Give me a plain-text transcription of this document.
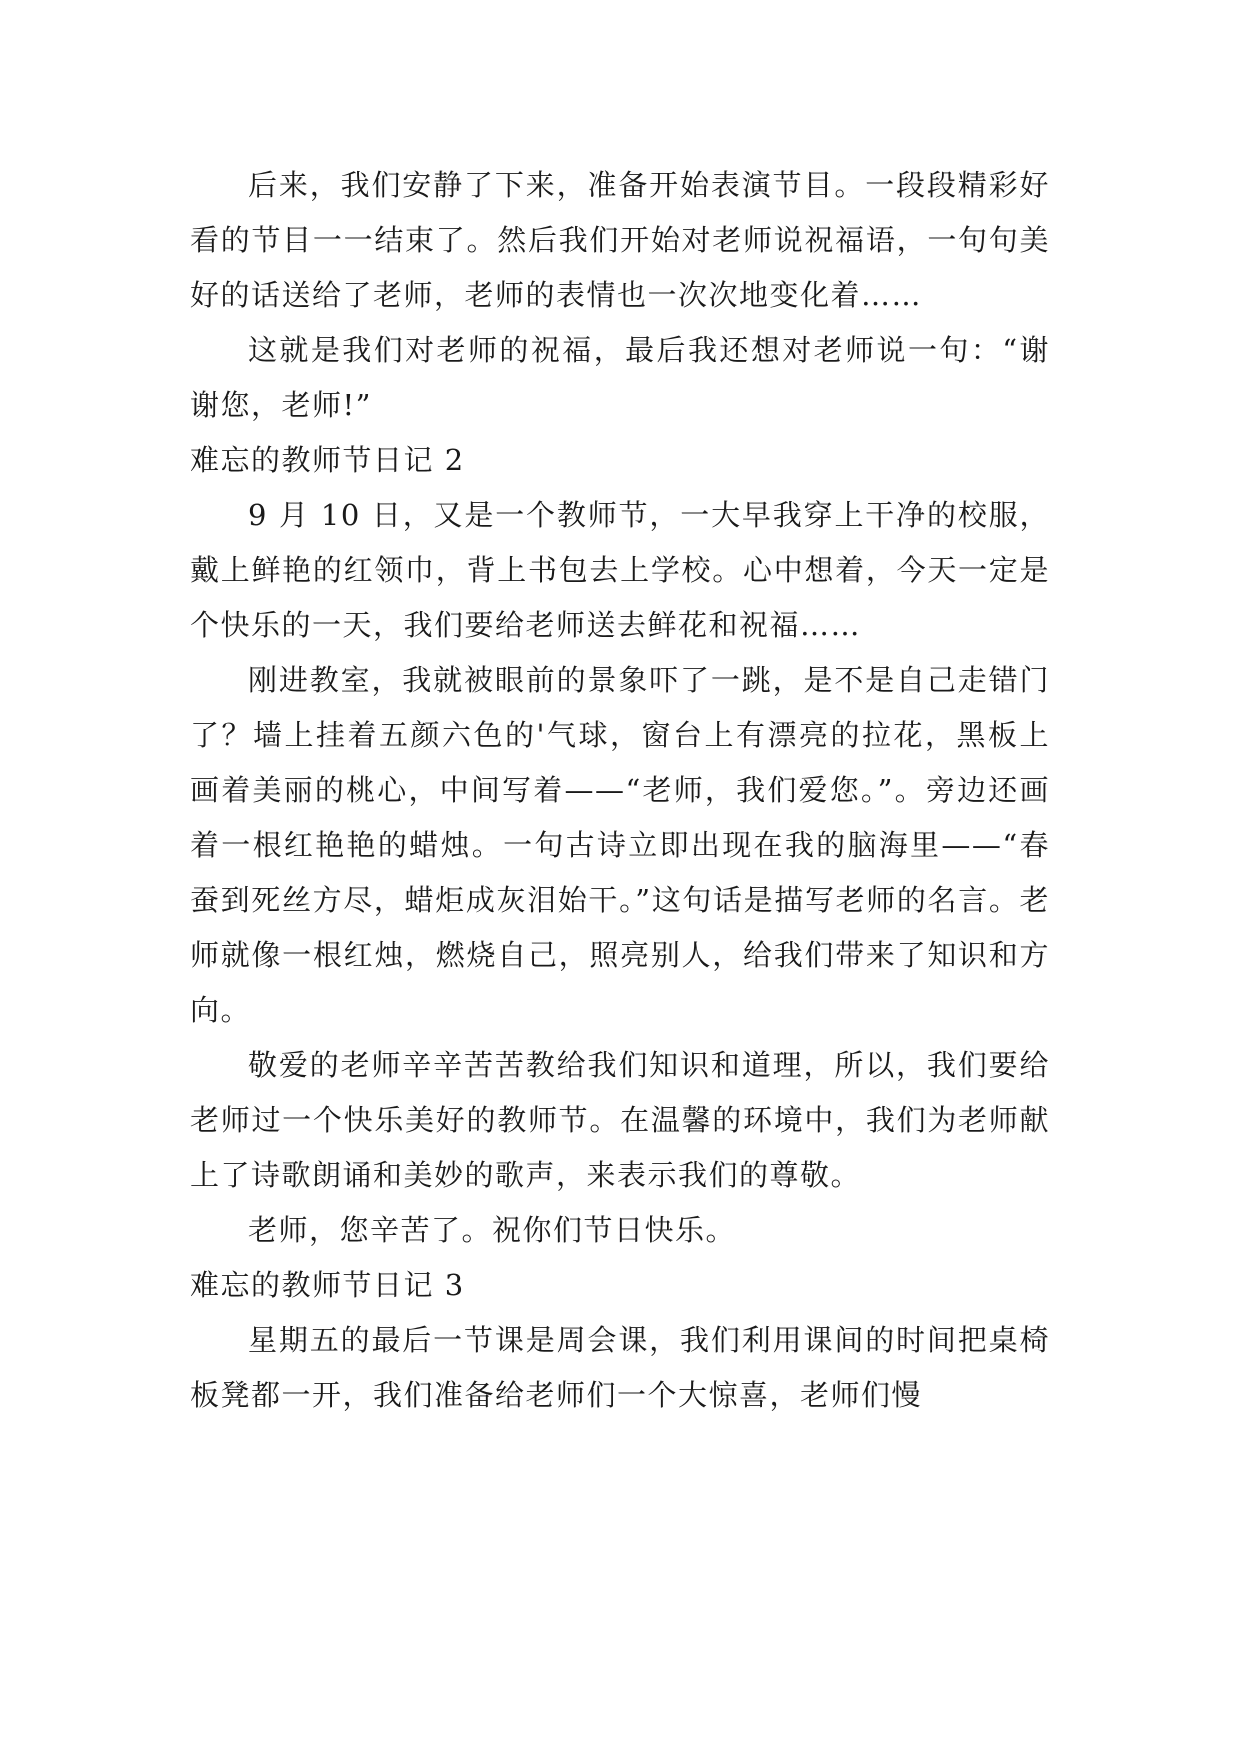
后来，我们安静了下来，准备开始表演节目。一段段精彩好看的节目一一结束了。然后我们开始对老师说祝福语，一句句美好的话送给了老师，老师的表情也一次次地变化着……

这就是我们对老师的祝福，最后我还想对老师说一句：“谢谢您，老师!”

难忘的教师节日记 2

9 月 10 日，又是一个教师节，一大早我穿上干净的校服，戴上鲜艳的红领巾，背上书包去上学校。心中想着，今天一定是个快乐的一天，我们要给老师送去鲜花和祝福……

刚进教室，我就被眼前的景象吓了一跳，是不是自己走错门了？墙上挂着五颜六色的'气球，窗台上有漂亮的拉花，黑板上画着美丽的桃心，中间写着——“老师，我们爱您。”。旁边还画着一根红艳艳的蜡烛。一句古诗立即出现在我的脑海里——“春蚕到死丝方尽，蜡炬成灰泪始干。”这句话是描写老师的名言。老师就像一根红烛，燃烧自己，照亮别人，给我们带来了知识和方向。

敬爱的老师辛辛苦苦教给我们知识和道理，所以，我们要给老师过一个快乐美好的教师节。在温馨的环境中，我们为老师献上了诗歌朗诵和美妙的歌声，来表示我们的尊敬。

老师，您辛苦了。祝你们节日快乐。

难忘的教师节日记 3

星期五的最后一节课是周会课，我们利用课间的时间把桌椅板凳都一开，我们准备给老师们一个大惊喜，老师们慢
